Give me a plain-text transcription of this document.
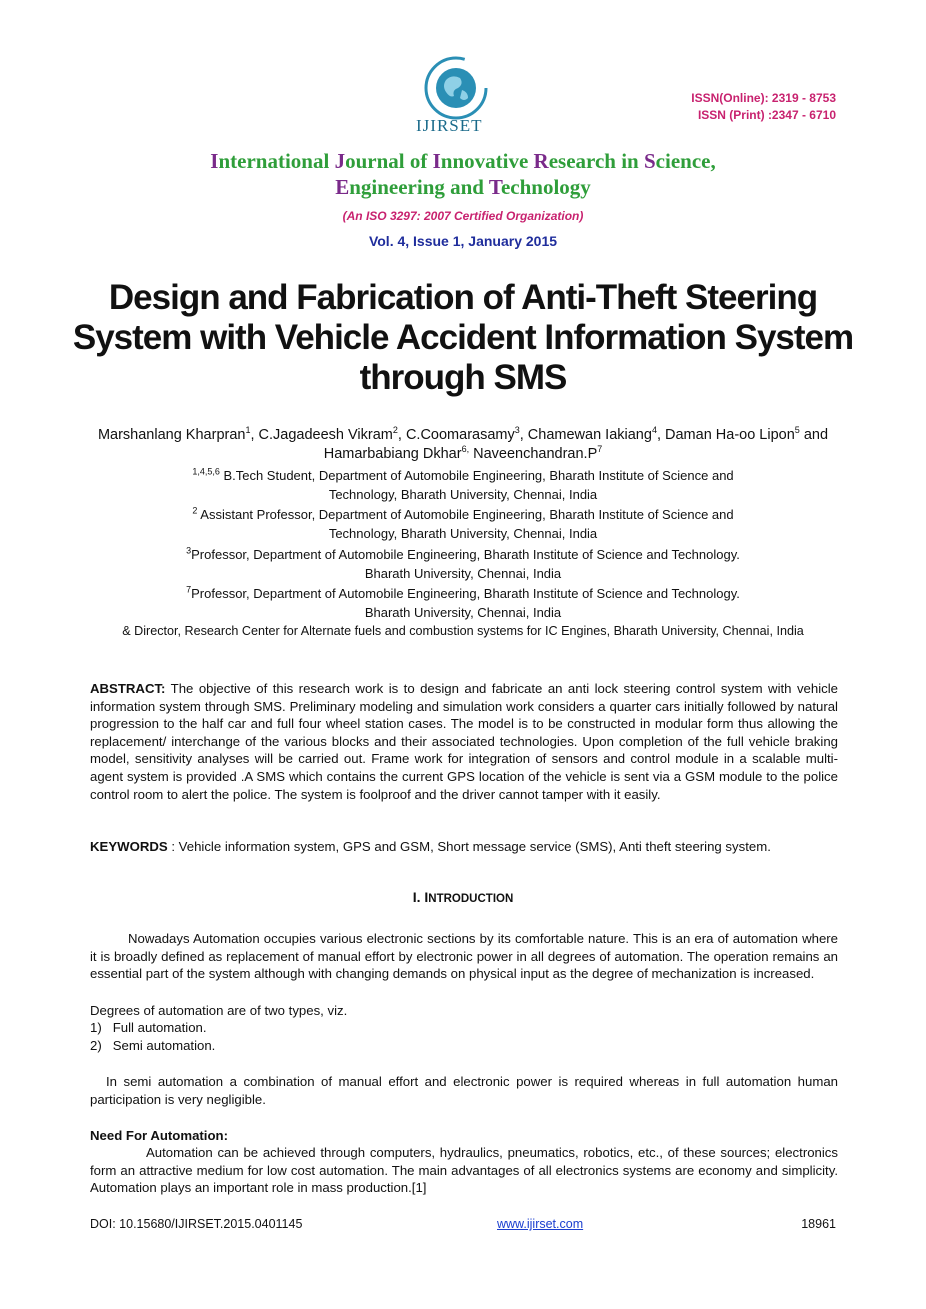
IJIRSET
ISSN(Online): 2319 - 8753
ISSN (Print) :2347 - 6710
International Journal of Innovative Research in Science,
Engineering and Technology
(An ISO 3297: 2007 Certified Organization)
Vol. 4, Issue 1, January 2015
Design and Fabrication of Anti-Theft Steering System with Vehicle Accident Information System through SMS
Marshanlang Kharpran$^1$, C.Jagadeesh Vikram$^2$, C.Coomarasamy$^3$, Chamewan Iakiang$^4$, Daman Ha-oo Lipon$^5$ and Hamarbabiang Dkhar$^{6,}$ $Naveenchandran.P^7$
$^{1,4,5,6}$ B.Tech Student, Department of Automobile Engineering, Bharath Institute of Science and
Technology, Bharath University, Chennai, India
$^2$ Assistant Professor, Department of Automobile Engineering, Bharath Institute of Science and
Technology, Bharath University, Chennai, India
$^3$Professor, Department of Automobile Engineering, Bharath Institute of Science and Technology.
Bharath University, Chennai, India
$^7$Professor, Department of Automobile Engineering, Bharath Institute of Science and Technology.
Bharath University, Chennai, India
& Director, Research Center for Alternate fuels and combustion systems for IC Engines, Bharath University, Chennai, India
ABSTRACT: The objective of this research work is to design and fabricate an anti lock steering control system with vehicle information system through SMS. Preliminary modeling and simulation work considers a quarter cars initially followed by natural progression to the half car and full four wheel station cases. The model is to be constructed in modular form thus allowing the replacement/ interchange of the various blocks and their associated technologies. Upon completion of the full vehicle braking model, sensitivity analyses will be carried out. Frame work for integration of sensors and control module in a scalable multi-agent system is provided .A SMS which contains the current GPS location of the vehicle is sent via a GSM module to the police control room to alert the police. The system is foolproof and the driver cannot tamper with it easily.
KEYWORDS : Vehicle information system, GPS and GSM, Short message service (SMS), Anti theft steering system.
I. INTRODUCTION
Nowadays Automation occupies various electronic sections by its comfortable nature. This is an era of automation where it is broadly defined as replacement of manual effort by electronic power in all degrees of automation. The operation remains an essential part of the system although with changing demands on physical input as the degree of mechanization is increased.
Degrees of automation are of two types, viz.
1)   Full automation.
2)   Semi automation.
In semi automation a combination of manual effort and electronic power is required whereas in full automation human participation is very negligible.
Need For Automation:
Automation can be achieved through computers, hydraulics, pneumatics, robotics, etc., of these sources; electronics form an attractive medium for low cost automation. The main advantages of all electronics systems are economy and simplicity. Automation plays an important role in mass production.[1]
DOI: 10.15680/IJIRSET.2015.0401145	www.ijirset.com	18961
